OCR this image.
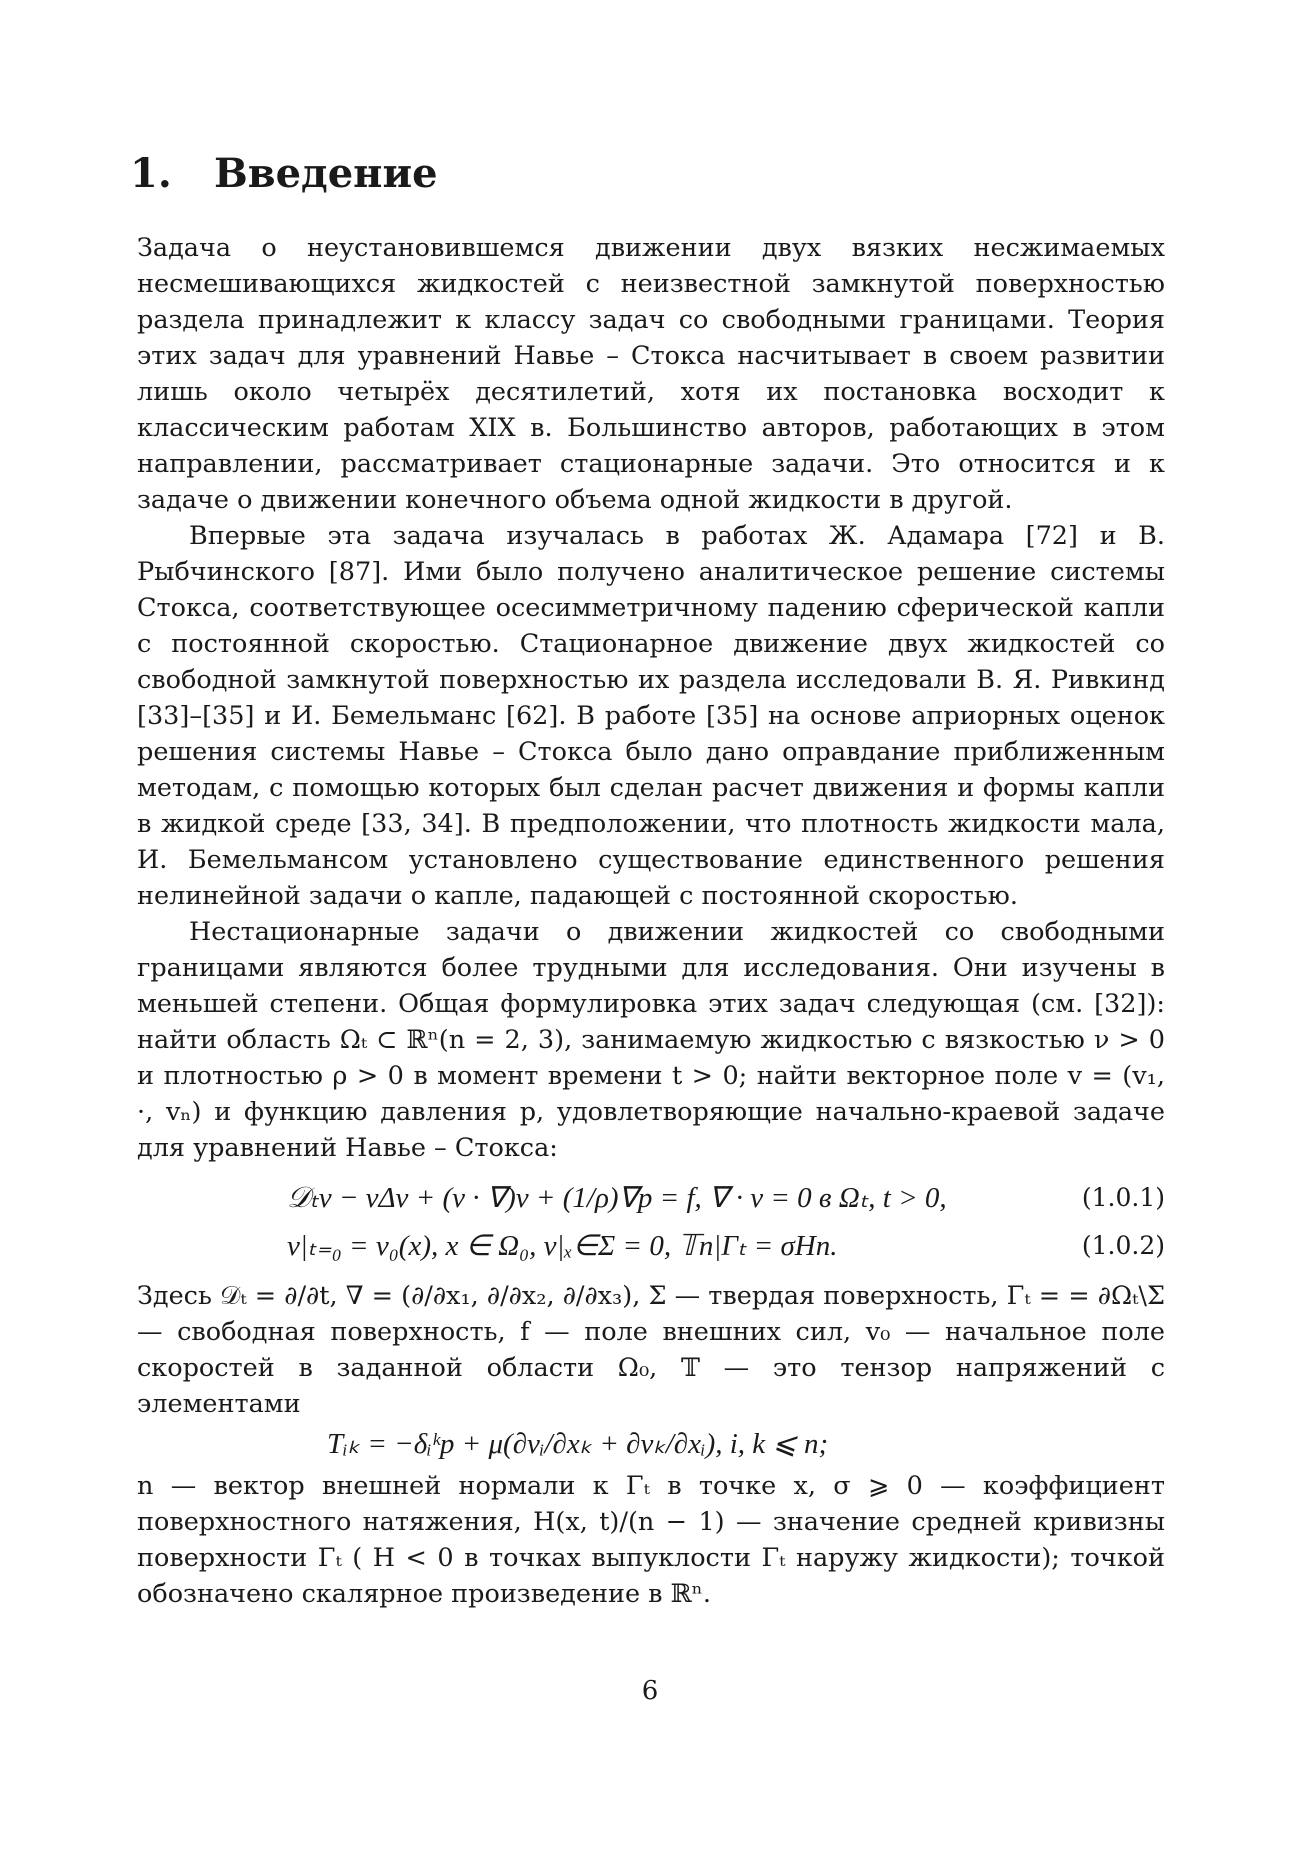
1. Введение

Задача о неустановившемся движении двух вязких несжимаемых несмешивающихся жидкостей с неизвестной замкнутой поверхностью раздела принадлежит к классу задач со свободными границами. Теория этих задач для уравнений Навье – Стокса насчитывает в своем развитии лишь около четырёх десятилетий, хотя их постановка восходит к классическим работам XIX в. Большинство авторов, работающих в этом направлении, рассматривает стационарные задачи. Это относится и к задаче о движении конечного объема одной жидкости в другой.

Впервые эта задача изучалась в работах Ж. Адамара [72] и В. Рыбчинского [87]. Ими было получено аналитическое решение системы Стокса, соответствующее осесимметричному падению сферической капли с постоянной скоростью. Стационарное движение двух жидкостей со свободной замкнутой поверхностью их раздела исследовали В. Я. Ривкинд [33]–[35] и И. Бемельманс [62]. В работе [35] на основе априорных оценок решения системы Навье – Стокса было дано оправдание приближенным методам, с помощью которых был сделан расчет движения и формы капли в жидкой среде [33, 34]. В предположении, что плотность жидкости мала, И. Бемельмансом установлено существование единственного решения нелинейной задачи о капле, падающей с постоянной скоростью.

Нестационарные задачи о движении жидкостей со свободными границами являются более трудными для исследования. Они изучены в меньшей степени. Общая формулировка этих задач следующая (см. [32]): найти область Ωₜ ⊂ ℝⁿ(n = 2, 3), занимаемую жидкостью с вязкостью ν > 0 и плотностью ρ > 0 в момент времени t > 0; найти векторное поле v = (v₁, ·, vₙ) и функцию давления p, удовлетворяющие начально-краевой задаче для уравнений Навье – Стокса:

𝒟ₜv − νΔv + (v · ∇)v + (1/ρ)∇p = f, ∇ · v = 0 в Ωₜ, t > 0,	(1.0.1)
v|ₜ₌₀ = v₀(x), x ∈ Ω₀, v|ₓ∈Σ = 0, 𝕋n|Γₜ = σHn.	(1.0.2)

Здесь 𝒟ₜ = ∂/∂t, ∇ = (∂/∂x₁, ∂/∂x₂, ∂/∂x₃), Σ — твердая поверхность, Γₜ = = ∂Ωₜ\Σ — свободная поверхность, f — поле внешних сил, v₀ — начальное поле скоростей в заданной области Ω₀, 𝕋 — это тензор напряжений с элементами

Tᵢₖ = −δᵢᵏp + μ(∂vᵢ/∂xₖ + ∂vₖ/∂xᵢ), i, k ⩽ n;

n — вектор внешней нормали к Γₜ в точке x, σ ⩾ 0 — коэффициент поверхностного натяжения, H(x, t)/(n − 1) — значение средней кривизны поверхности Γₜ ( H < 0 в точках выпуклости Γₜ наружу жидкости); точкой обозначено скалярное произведение в ℝⁿ.

6
